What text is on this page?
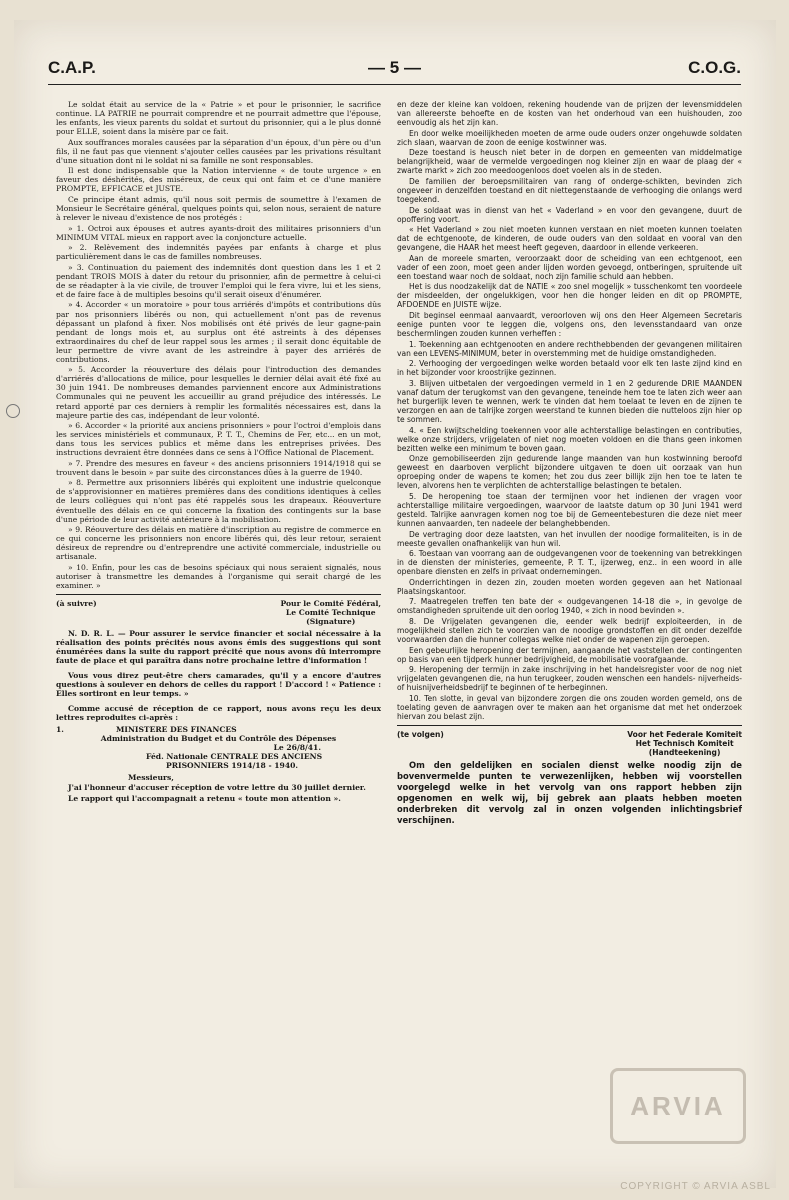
C.A.P.	— 5 —	C.O.G.

Le soldat était au service de la « Patrie » et pour le prisonnier, le sacrifice continue. LA PATRIE ne pourrait comprendre et ne pourrait admettre que l'épouse, les enfants, les vieux parents du soldat et surtout du prisonnier, qui a le plus donné pour ELLE, soient dans la misère par ce fait.

Aux souffrances morales causées par la séparation d'un époux, d'un père ou d'un fils, il ne faut pas que viennent s'ajouter celles causées par les privations résultant d'une situation dont ni le soldat ni sa famille ne sont responsables.

Il est donc indispensable que la Nation intervienne « de toute urgence » en faveur des déshérités, des miséreux, de ceux qui ont faim et ce d'une manière PROMPTE, EFFICACE et JUSTE.

Ce principe étant admis, qu'il nous soit permis de soumettre à l'examen de Monsieur le Secrétaire général, quelques points qui, selon nous, seraient de nature à relever le niveau d'existence de nos protégés :

» 1. Octroi aux épouses et autres ayants-droit des militaires prisonniers d'un MINIMUM VITAL mieux en rapport avec la conjoncture actuelle.

» 2. Relèvement des indemnités payées par enfants à charge et plus particulièrement dans le cas de familles nombreuses.

» 3. Continuation du paiement des indemnités dont question dans les 1 et 2 pendant TROIS MOIS à dater du retour du prisonnier, afin de permettre à celui-ci de se réadapter à la vie civile, de trouver l'emploi qui le fera vivre, lui et les siens, et de faire face à de multiples besoins qu'il serait oiseux d'énumérer.

» 4. Accorder « un moratoire » pour tous arriérés d'impôts et contributions dûs par nos prisonniers libérés ou non, qui actuellement n'ont pas de revenus dépassant un plafond à fixer. Nos mobilisés ont été privés de leur gagne-pain pendant de longs mois et, au surplus ont été astreints à des dépenses extraordinaires du chef de leur rappel sous les armes ; il serait donc équitable de leur permettre de vivre avant de les astreindre à payer des arriérés de contributions.

» 5. Accorder la réouverture des délais pour l'introduction des demandes d'arriérés d'allocations de milice, pour lesquelles le dernier délai avait été fixé au 30 juin 1941. De nombreuses demandes parviennent encore aux Administrations Communales qui ne peuvent les accueillir au grand préjudice des intéressés. Le retard apporté par ces derniers à remplir les formalités nécessaires est, dans la majeure partie des cas, indépendant de leur volonté.

» 6. Accorder « la priorité aux anciens prisonniers » pour l'octroi d'emplois dans les services ministériels et communaux, P. T. T., Chemins de Fer, etc... en un mot, dans tous les services publics et même dans les entreprises privées. Des instructions devraient être données dans ce sens à l'Office National de Placement.

» 7. Prendre des mesures en faveur « des anciens prisonniers 1914/1918 qui se trouvent dans le besoin » par suite des circonstances dûes à la guerre de 1940.

» 8. Permettre aux prisonniers libérés qui exploitent une industrie quelconque de s'approvisionner en matières premières dans des conditions identiques à celles de leurs collègues qui n'ont pas été rappelés sous les drapeaux. Réouverture éventuelle des délais en ce qui concerne la fixation des contingents sur la base d'une période de leur activité antérieure à la mobilisation.

» 9. Réouverture des délais en matière d'inscription au registre de commerce en ce qui concerne les prisonniers non encore libérés qui, dès leur retour, seraient désireux de reprendre ou d'entreprendre une activité commerciale, industrielle ou artisanale.

» 10. Enfin, pour les cas de besoins spéciaux qui nous seraient signalés, nous autoriser à transmettre les demandes à l'organisme qui serait chargé de les examiner. »

(à suivre)	Pour le Comité Fédéral,
Le Comité Technique
(Signature)

N. D. R. L. — Pour assurer le service financier et social nécessaire à la réalisation des points précités nous avons émis des suggestions qui sont énumérées dans la suite du rapport précité que nous avons dû interrompre faute de place et qui paraîtra dans notre prochaine lettre d'information !

Vous vous direz peut-être chers camarades, qu'il y a encore d'autres questions à soulever en dehors de celles du rapport ! D'accord ! « Patience : Elles sortiront en leur temps. »

Comme accusé de réception de ce rapport, nous avons reçu les deux lettres reproduites ci-après :

1.	MINISTERE DES FINANCES

Administration du Budget et du Contrôle des Dépenses
Le 26/8/41.
Féd. Nationale CENTRALE DES ANCIENS
PRISONNIERS 1914/18 - 1940.

Messieurs,

J'ai l'honneur d'accuser réception de votre lettre du 30 juillet dernier.

Le rapport qui l'accompagnait a retenu « toute mon attention ».

en deze der kleine kan voldoen, rekening houdende van de prijzen der levensmiddelen van allereerste behoefte en de kosten van het onderhoud van een huishouden, zoo eenvoudig als het zijn kan.

En door welke moeilijkheden moeten de arme oude ouders onzer ongehuwde soldaten zich slaan, waarvan de zoon de eenige kostwinner was.

Deze toestand is heusch niet beter in de dorpen en gemeenten van middelmatige belangrijkheid, waar de vermelde vergoedingen nog kleiner zijn en waar de plaag der « zwarte markt » zich zoo meedoogenloos doet voelen als in de steden.

De familien der beroepsmilitairen van rang of onderge-schikten, bevinden zich ongeveer in denzelfden toestand en dit niettegenstaande de verhooging die onlangs werd toegekend.

De soldaat was in dienst van het « Vaderland » en voor den gevangene, duurt de opoffering voort.

« Het Vaderland » zou niet moeten kunnen verstaan en niet moeten kunnen toelaten dat de echtgenoote, de kinderen, de oude ouders van den soldaat en vooral van den gevangene, die HAAR het meest heeft gegeven, daardoor in ellende verkeeren.

Aan de moreele smarten, veroorzaakt door de scheiding van een echtgenoot, een vader of een zoon, moet geen ander lijden worden gevoegd, ontberingen, spruitende uit een toestand waar noch de soldaat, noch zijn familie schuld aan hebben.

Het is dus noodzakelijk dat de NATIE « zoo snel mogelijk » tusschenkomt ten voordeele der misdeelden, der ongelukkigen, voor hen die honger leiden en dit op PROMPTE, AFDOENDE en JUISTE wijze.

Dit beginsel eenmaal aanvaardt, veroorloven wij ons den Heer Algemeen Secretaris eenige punten voor te leggen die, volgens ons, den levensstandaard van onze beschermlingen zouden kunnen verheffen :

1. Toekenning aan echtgenooten en andere rechthebbenden der gevangenen militairen van een LEVENS-MINIMUM, beter in overstemming met de huidige omstandigheden.

2. Verhooging der vergoedingen welke worden betaald voor elk ten laste zijnd kind en in het bijzonder voor kroostrijke gezinnen.

3. Blijven uitbetalen der vergoedingen vermeld in 1 en 2 gedurende DRIE MAANDEN vanaf datum der terugkomst van den gevangene, teneinde hem toe te laten zich weer aan het burgerlijk leven te wennen, werk te vinden dat hem toelaat te leven en de zijnen te verzorgen en aan de talrijke zorgen weerstand te kunnen bieden die nutteloos zijn hier op te sommen.

4. « Een kwijtschelding toekennen voor alle achterstallige belastingen en contributies, welke onze strijders, vrijgelaten of niet nog moeten voldoen en die thans geen inkomen bezitten welke een minimum te boven gaan.

Onze gemobiliseerden zijn gedurende lange maanden van hun kostwinning beroofd geweest en daarboven verplicht bijzondere uitgaven te doen uit oorzaak van hun oproeping onder de wapens te komen; het zou dus zeer billijk zijn hen toe te laten te leven, alvorens hen te verplichten de achterstallige belastingen te betalen.

5. De heropening toe staan der termijnen voor het indienen der vragen voor achterstallige militaire vergoedingen, waarvoor de laatste datum op 30 Juni 1941 werd gesteld. Talrijke aanvragen komen nog toe bij de Gemeentebesturen die deze niet meer kunnen aanvaarden, ten nadeele der belanghebbenden.

De vertraging door deze laatsten, van het invullen der noodige formaliteiten, is in de meeste gevallen onafhankelijk van hun wil.

6. Toestaan van voorrang aan de oudgevangenen voor de toekenning van betrekkingen in de diensten der ministeries, gemeente, P. T. T., ijzerweg, enz.. in een woord in alle openbare diensten en zelfs in privaat ondernemingen.

Onderrichtingen in dezen zin, zouden moeten worden gegeven aan het Nationaal Plaatsingskantoor.

7. Maatregelen treffen ten bate der « oudgevangenen 14-18 die », in gevolge de omstandigheden spruitende uit den oorlog 1940, « zich in nood bevinden ».

8. De Vrijgelaten gevangenen die, eender welk bedrijf exploiteerden, in de mogelijkheid stellen zich te voorzien van de noodige grondstoffen en dit onder dezelfde voorwaarden dan die hunner collegas welke niet onder de wapenen zijn geroepen.

Een gebeurlijke heropening der termijnen, aangaande het vaststellen der contingenten op basis van een tijdperk hunner bedrijvigheid, de mobilisatie voorafgaande.

9. Heropening der termijn in zake inschrijving in het handelsregister voor de nog niet vrijgelaten gevangenen die, na hun terugkeer, zouden wenschen een handels- nijverheids- of huisnijverheidsbedrijf te beginnen of te herbeginnen.

10. Ten slotte, in geval van bijzondere zorgen die ons zouden worden gemeld, ons de toelating geven de aanvragen over te maken aan het organisme dat met het onderzoek hiervan zou belast zijn.

(te volgen)	Voor het Federale Komiteit
Het Technisch Komiteit
(Handteekening)

Om den geldelijken en socialen dienst welke noodig zijn de bovenvermelde punten te verwezenlijken, hebben wij voorstellen voorgelegd welke in het vervolg van ons rapport hebben zijn opgenomen en welk wij, bij gebrek aan plaats hebben moeten onderbreken dit vervolg zal in onzen volgenden inlichtingsbrief verschijnen.

ARVIA
COPYRIGHT © ARVIA ASBL
